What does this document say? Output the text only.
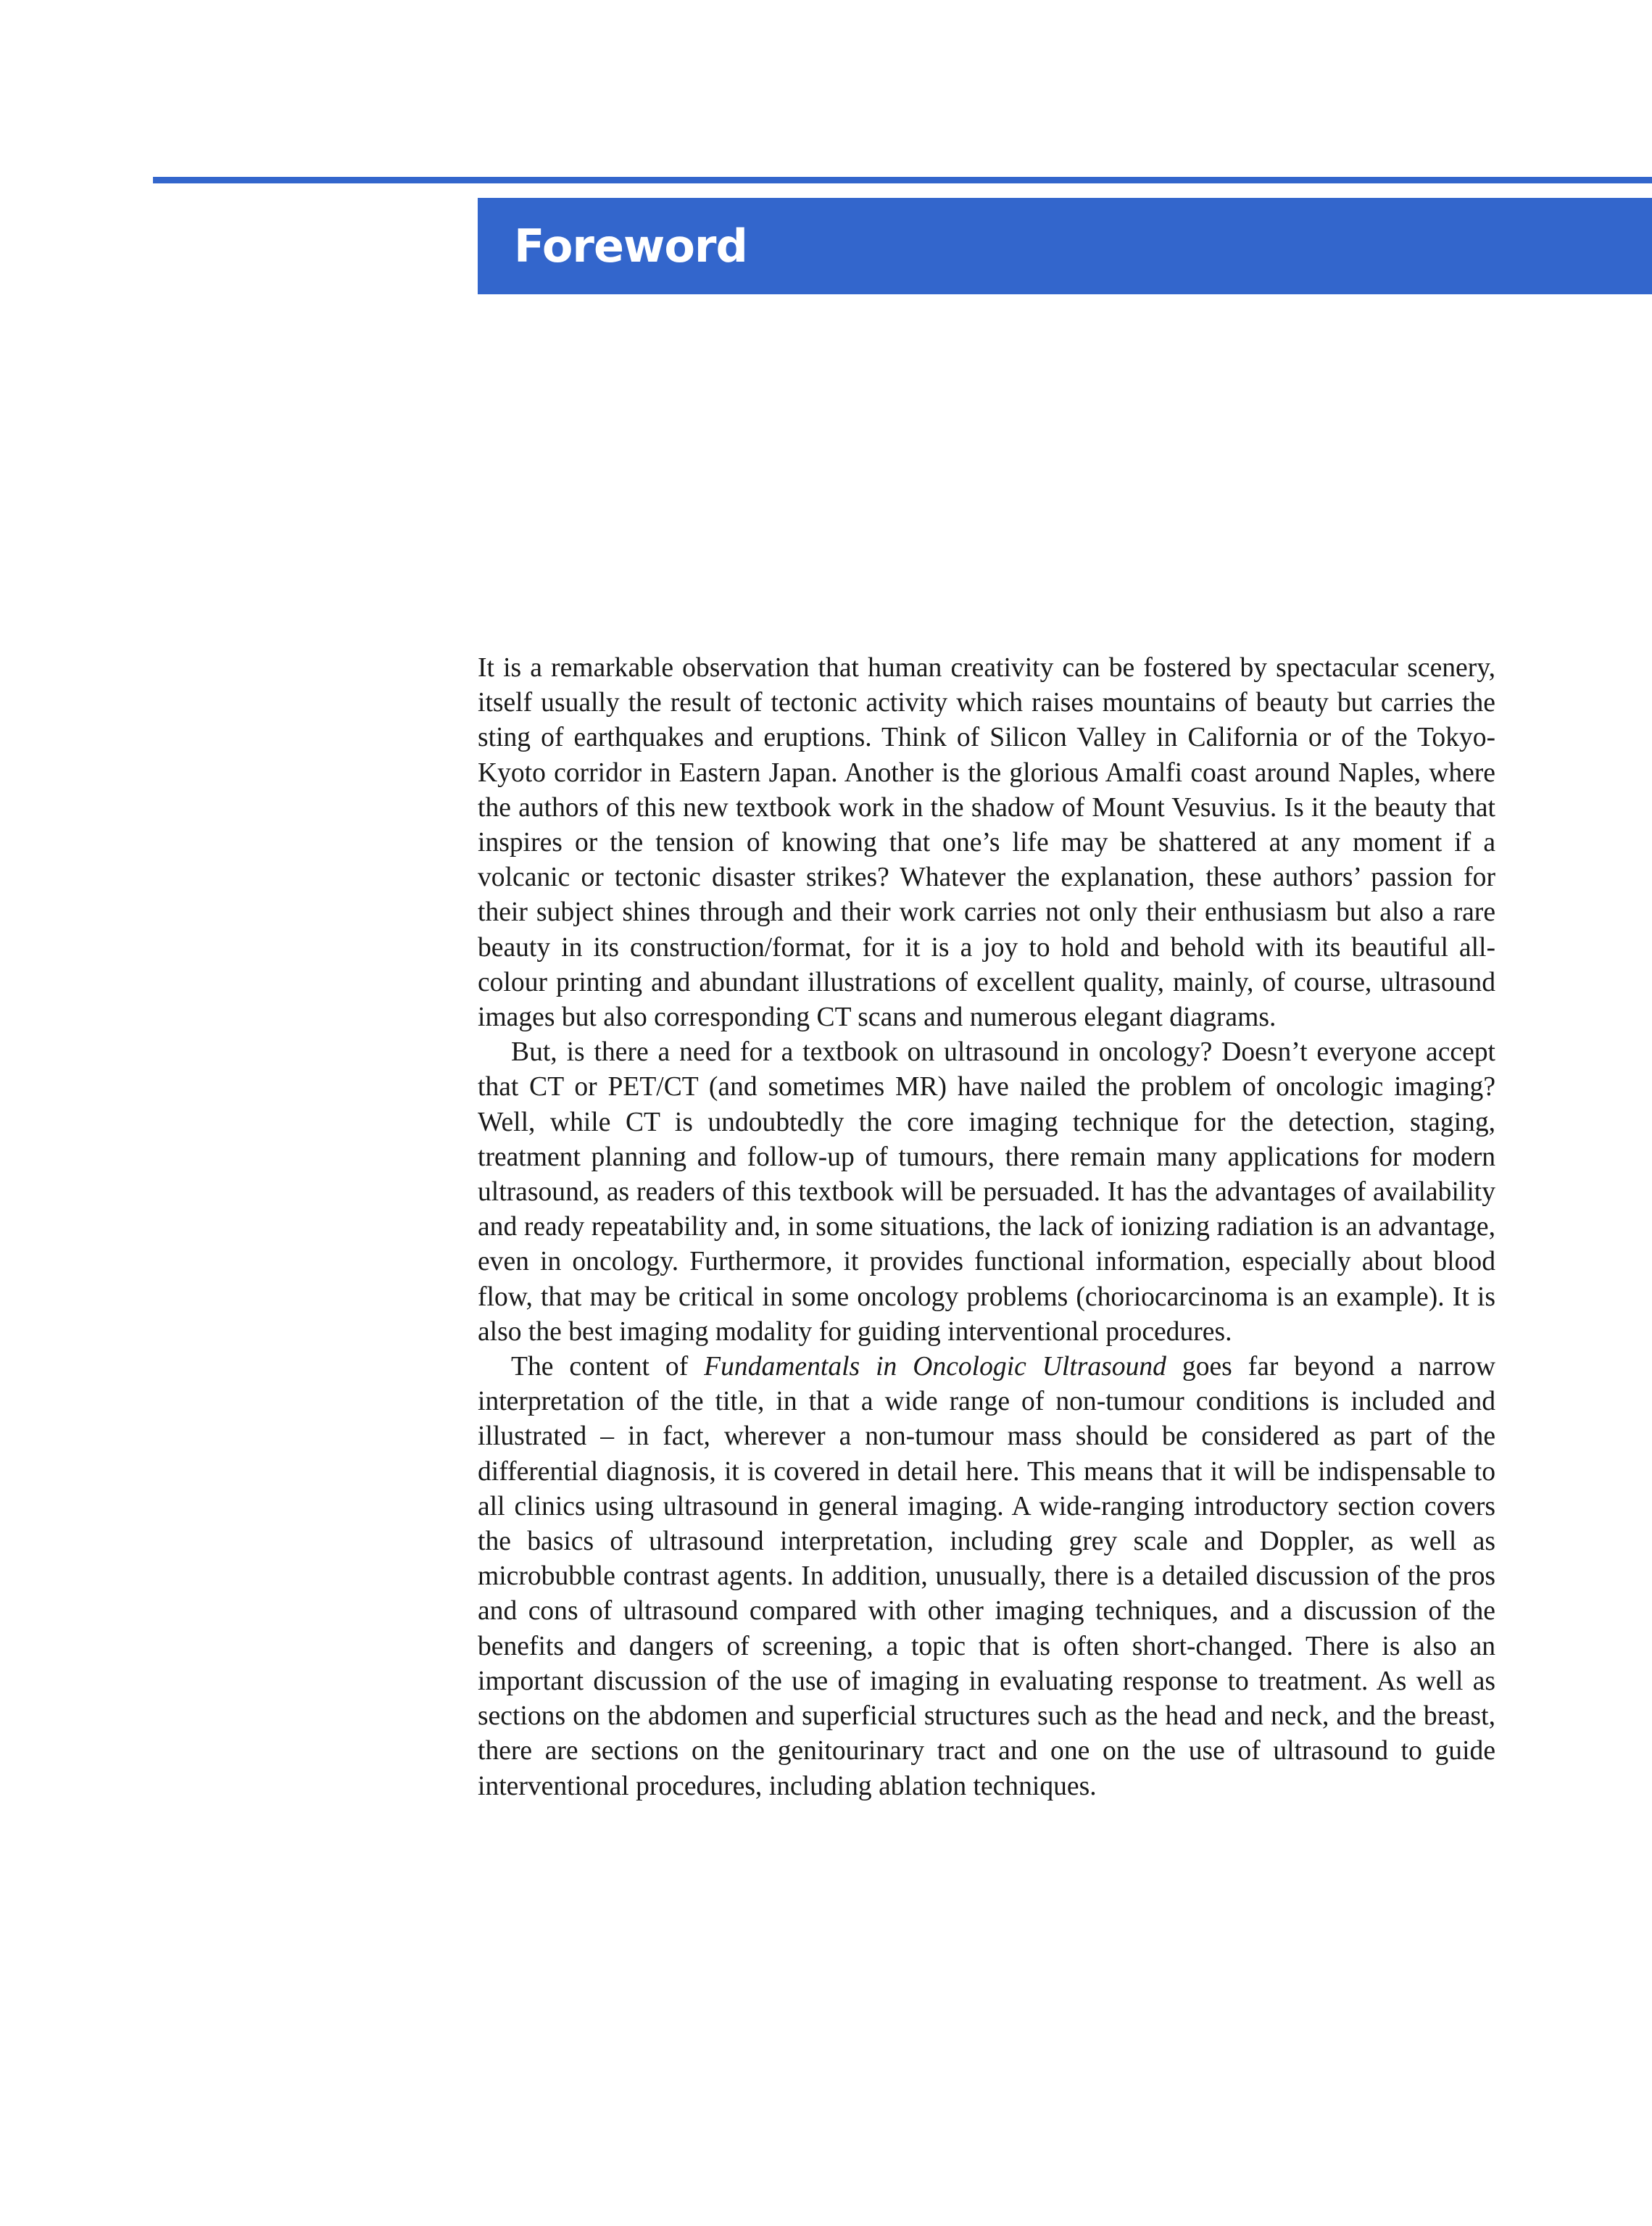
Foreword

It is a remarkable observation that human creativity can be fostered by spectacular scenery, itself usually the result of tectonic activity which raises mountains of beauty but carries the sting of earthquakes and eruptions. Think of Silicon Valley in California or of the Tokyo-Kyoto corridor in Eastern Japan. Another is the glorious Amalfi coast around Naples, where the authors of this new textbook work in the shadow of Mount Vesuvius. Is it the beauty that inspires or the tension of knowing that one’s life may be shattered at any moment if a volcanic or tectonic disaster strikes? Whatever the explanation, these authors’ passion for their subject shines through and their work carries not only their enthusiasm but also a rare beauty in its construction/format, for it is a joy to hold and behold with its beautiful all-colour printing and abundant illustrations of excellent quality, mainly, of course, ultrasound images but also corresponding CT scans and numerous elegant diagrams.

But, is there a need for a textbook on ultrasound in oncology? Doesn’t everyone accept that CT or PET/CT (and sometimes MR) have nailed the problem of oncologic imaging? Well, while CT is undoubtedly the core imaging technique for the detection, staging, treatment planning and follow-up of tumours, there remain many applications for modern ultrasound, as readers of this textbook will be persuaded. It has the advantages of availability and ready repeatability and, in some situations, the lack of ionizing radiation is an advantage, even in oncology. Furthermore, it provides functional information, especially about blood flow, that may be critical in some oncology problems (choriocarcinoma is an example). It is also the best imaging modality for guiding interventional procedures.

The content of Fundamentals in Oncologic Ultrasound goes far beyond a narrow interpretation of the title, in that a wide range of non-tumour conditions is included and illustrated – in fact, wherever a non-tumour mass should be considered as part of the differential diagnosis, it is covered in detail here. This means that it will be indispensable to all clinics using ultrasound in general imaging. A wide-ranging introductory section covers the basics of ultrasound interpretation, including grey scale and Doppler, as well as microbubble contrast agents. In addition, unusually, there is a detailed discussion of the pros and cons of ultrasound compared with other imaging techniques, and a discussion of the benefits and dangers of screening, a topic that is often short-changed. There is also an important discussion of the use of imaging in evaluating response to treatment. As well as sections on the abdomen and superficial structures such as the head and neck, and the breast, there are sections on the genitourinary tract and one on the use of ultrasound to guide interventional procedures, including ablation techniques.
